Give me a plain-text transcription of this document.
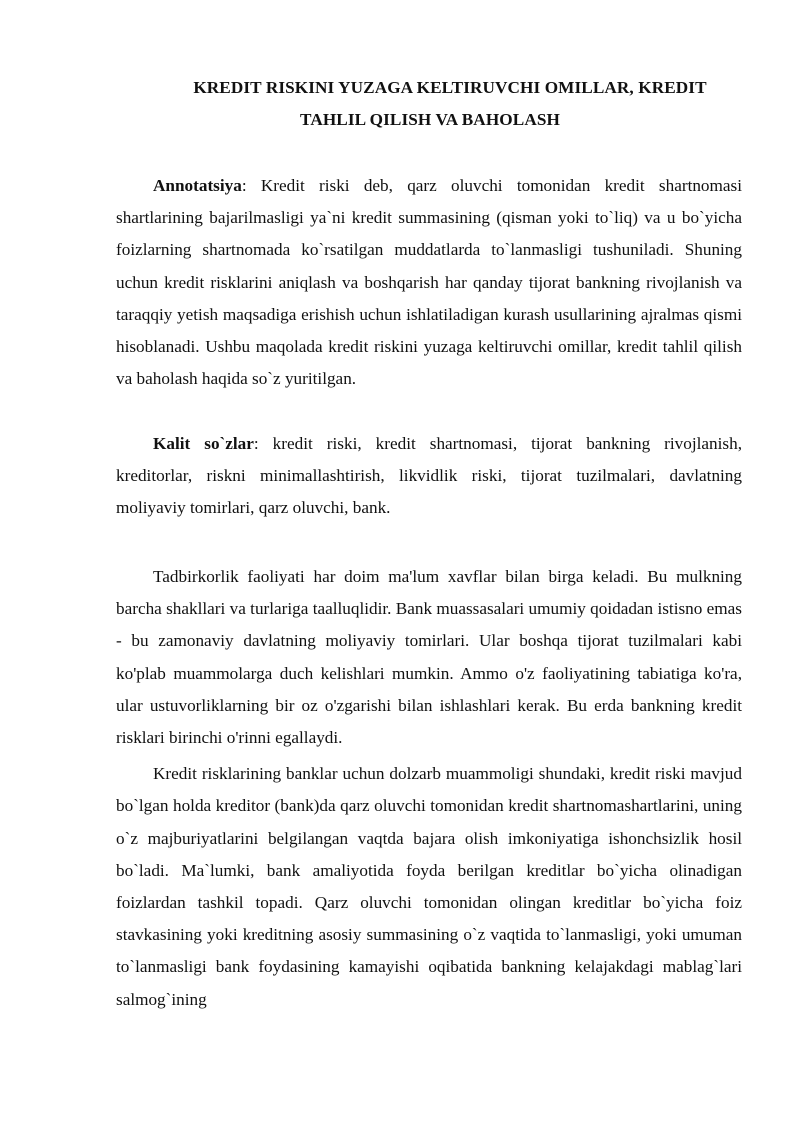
KREDIT RISKINI YUZAGA KELTIRUVCHI OMILLAR, KREDIT
TAHLIL QILISH VA BAHOLASH

Annotatsiya: Kredit riski deb, qarz oluvchi tomonidan kredit shartnomasi shartlarining bajarilmasligi ya`ni kredit summasining (qisman yoki to`liq) va u bo`yicha foizlarning shartnomada ko`rsatilgan muddatlarda to`lanmasligi tushuniladi. Shuning uchun kredit risklarini aniqlash va boshqarish har qanday tijorat bankning rivojlanish va taraqqiy yetish maqsadiga erishish uchun ishlatiladigan kurash usullarining ajralmas qismi hisoblanadi. Ushbu maqolada kredit riskini yuzaga keltiruvchi omillar, kredit tahlil qilish va baholash haqida so`z yuritilgan.

Kalit so`zlar: kredit riski, kredit shartnomasi, tijorat bankning rivojlanish, kreditorlar, riskni minimallashtirish, likvidlik riski, tijorat tuzilmalari, davlatning moliyaviy tomirlari, qarz oluvchi, bank.

Tadbirkorlik faoliyati har doim ma'lum xavflar bilan birga keladi. Bu mulkning barcha shakllari va turlariga taalluqlidir. Bank muassasalari umumiy qoidadan istisno emas - bu zamonaviy davlatning moliyaviy tomirlari. Ular boshqa tijorat tuzilmalari kabi ko'plab muammolarga duch kelishlari mumkin. Ammo o'z faoliyatining tabiatiga ko'ra, ular ustuvorliklarning bir oz o'zgarishi bilan ishlashlari kerak. Bu erda bankning kredit risklari birinchi o'rinni egallaydi.

Kredit risklarining banklar uchun dolzarb muammoligi shundaki, kredit riski mavjud bo`lgan holda kreditor (bank)da qarz oluvchi tomonidan kredit shartnomashartlarini, uning o`z majburiyatlarini belgilangan vaqtda bajara olish imkoniyatiga ishonchsizlik hosil bo`ladi. Ma`lumki, bank amaliyotida foyda berilgan kreditlar bo`yicha olinadigan foizlardan tashkil topadi. Qarz oluvchi tomonidan olingan kreditlar bo`yicha foiz stavkasining yoki kreditning asosiy summasining o`z vaqtida to`lanmasligi, yoki umuman to`lanmasligi bank foydasining kamayishi oqibatida bankning kelajakdagi mablag`lari salmog`ining
